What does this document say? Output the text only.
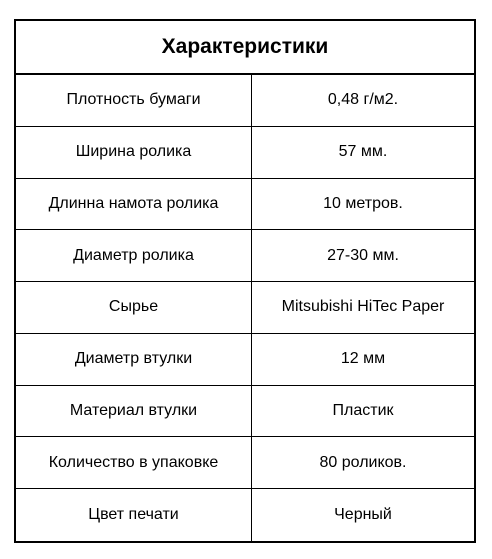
Характеристики
Плотность бумаги	0,48 г/м2.
Ширина ролика	57 мм.
Длинна намота ролика	10 метров.
Диаметр ролика	27-30 мм.
Сырье	Mitsubishi HiTec Paper
Диаметр втулки	12 мм
Материал втулки	Пластик
Количество в упаковке	80 роликов.
Цвет печати	Черный
